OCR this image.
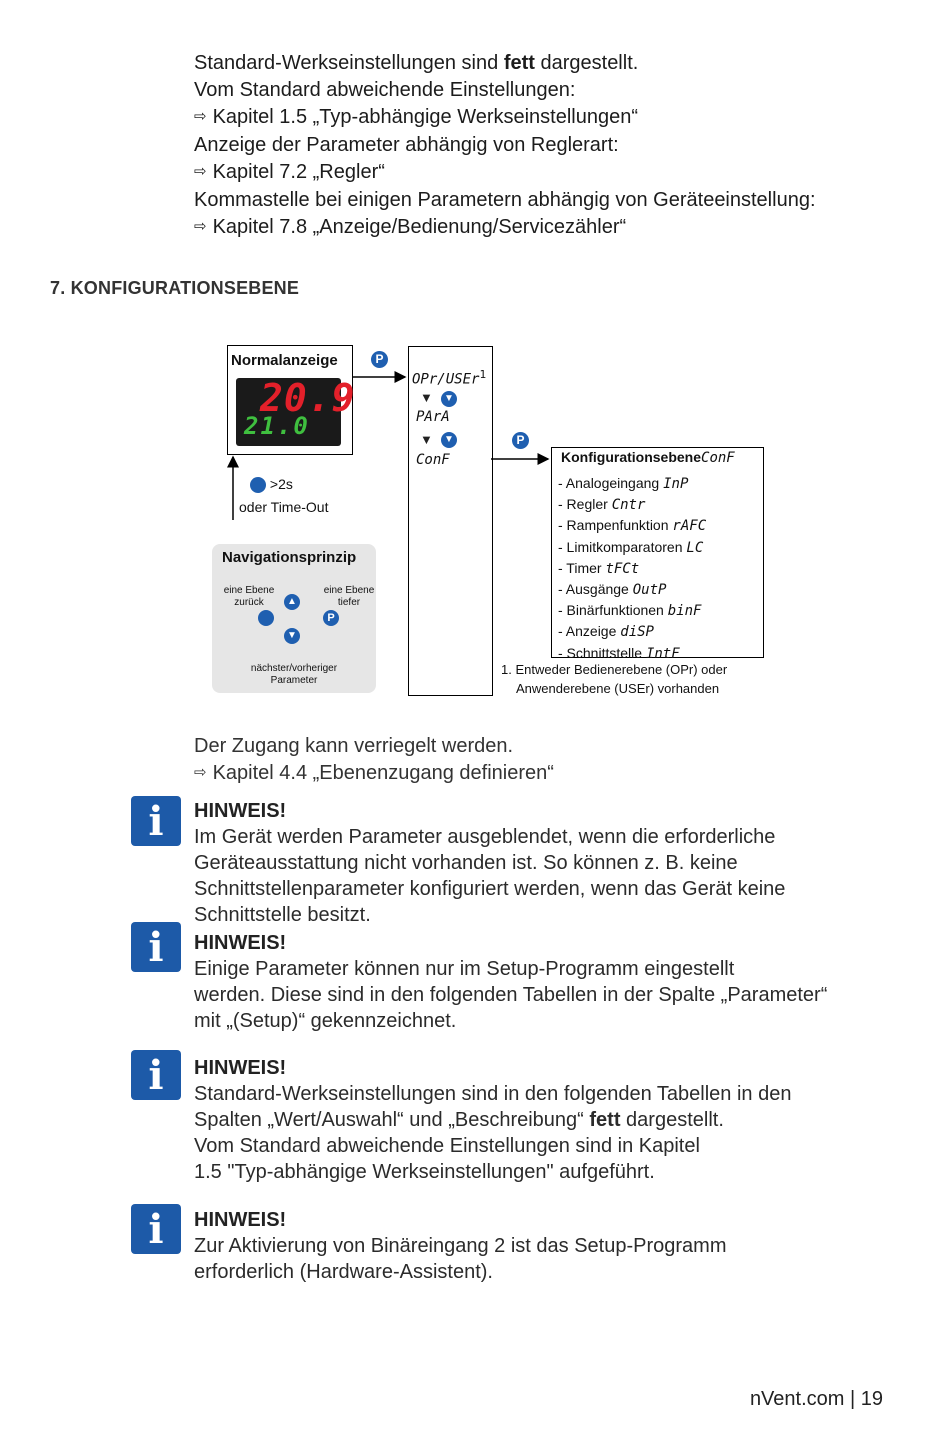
Standard-Werkseinstellungen sind fett dargestellt.
Vom Standard abweichende Einstellungen:
⇨ Kapitel 1.5 „Typ-abhängige Werkseinstellungen“
Anzeige der Parameter abhängig von Reglerart:
⇨ Kapitel 7.2 „Regler“
Kommastelle bei einigen Parametern abhängig von Geräteeinstellung:
⇨ Kapitel 7.8 „Anzeige/Bedienung/Servicezähler“
7. KONFIGURATIONSEBENE
Normalanzeige
20.9
21.0
P
>2s
oder Time-Out
OPr/USEr$^1$
▼	▼
PArA
▼	▼
ConF
P
KonfigurationsebeneConF
- Analogeingang InP
- Regler Cntr
- Rampenfunktion rAFC
- Limitkomparatoren LC
- Timer tFCt
- Ausgänge OutP
- Binärfunktionen binF
- Anzeige diSP
- Schnittstelle IntF
1. Entweder Bedienerebene (OPr) oder
Anwenderebene (USEr) vorhanden
Navigationsprinzip
eine Ebene
zurück
eine Ebene
tiefer
▲
P
▼
nächster/vorheriger
Parameter
Der Zugang kann verriegelt werden.
⇨ Kapitel 4.4 „Ebenenzugang definieren“
i	HINWEIS!
Im Gerät werden Parameter ausgeblendet, wenn die erforderliche
Geräteausstattung nicht vorhanden ist. So können z. B. keine
Schnittstellenparameter konfiguriert werden, wenn das Gerät keine
Schnittstelle besitzt.
i	HINWEIS!
Einige Parameter können nur im Setup-Programm eingestellt
werden. Diese sind in den folgenden Tabellen in der Spalte „Parameter“
mit „(Setup)“ gekennzeichnet.
i	HINWEIS!
Standard-Werkseinstellungen sind in den folgenden Tabellen in den
Spalten „Wert/Auswahl“ und „Beschreibung“ fett dargestellt.
Vom Standard abweichende Einstellungen sind in Kapitel
1.5 "Typ-abhängige Werkseinstellungen" aufgeführt.
i	HINWEIS!
Zur Aktivierung von Binäreingang 2 ist das Setup-Programm
erforderlich (Hardware-Assistent).
nVent.com | 19
